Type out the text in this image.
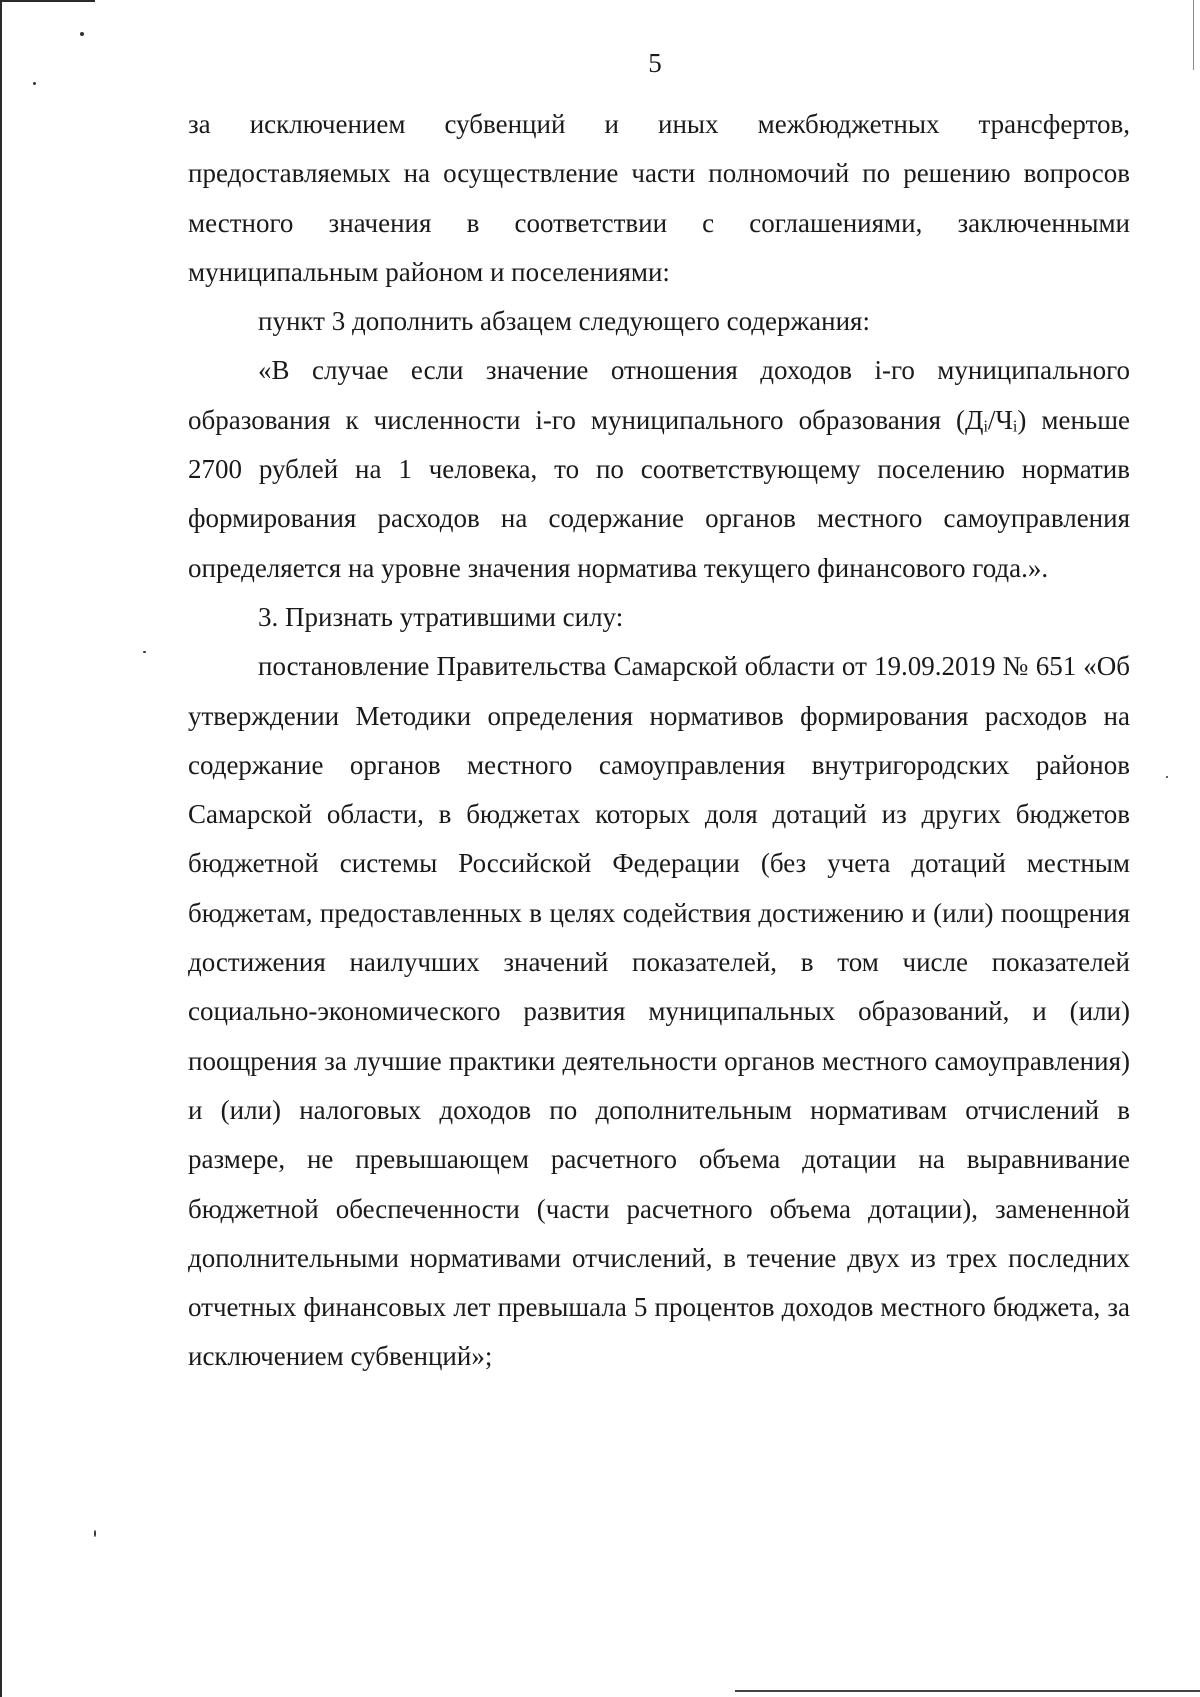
5

за исключением субвенций и иных межбюджетных трансфертов, предоставляемых на осуществление части полномочий по решению вопросов местного значения в соответствии с соглашениями, заключенными муниципальным районом и поселениями:

пункт 3 дополнить абзацем следующего содержания:

«В случае если значение отношения доходов i-го муниципального образования к численности i-го муниципального образования (Дᵢ/Чᵢ) меньше 2700 рублей на 1 человека, то по соответствующему поселению норматив формирования расходов на содержание органов местного самоуправления определяется на уровне значения норматива текущего финансового года.».

3. Признать утратившими силу:

постановление Правительства Самарской области от 19.09.2019 № 651 «Об утверждении Методики определения нормативов формирования расходов на содержание органов местного самоуправления внутригородских районов Самарской области, в бюджетах которых доля дотаций из других бюджетов бюджетной системы Российской Федерации (без учета дотаций местным бюджетам, предоставленных в целях содействия достижению и (или) поощрения достижения наилучших значений показателей, в том числе показателей социально-экономического развития муниципальных образований, и (или) поощрения за лучшие практики деятельности органов местного самоуправления) и (или) налоговых доходов по дополнительным нормативам отчислений в размере, не превышающем расчетного объема дотации на выравнивание бюджетной обеспеченности (части расчетного объема дотации), замененной дополнительными нормативами отчислений, в течение двух из трех последних отчетных финансовых лет превышала 5 процентов доходов местного бюджета, за исключением субвенций»;
